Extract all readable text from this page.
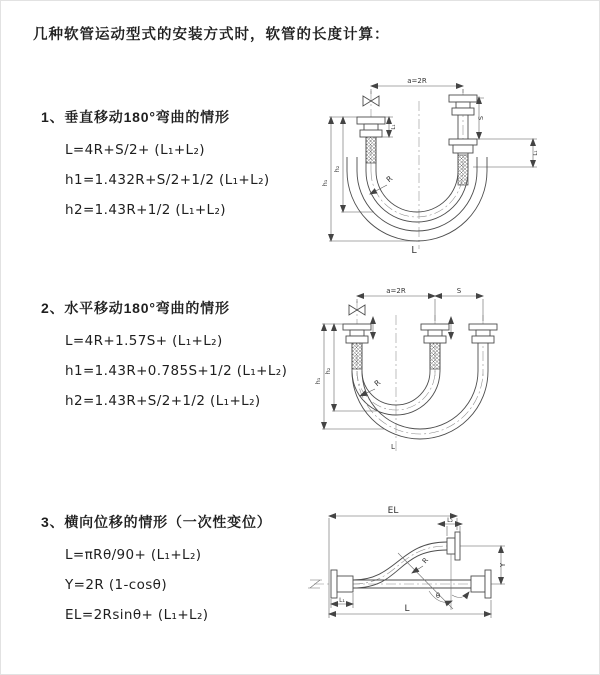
几种软管运动型式的安装方式时，软管的长度计算：
1、垂直移动180°弯曲的情形
L=4R+S/2+ (L₁+L₂)
h1=1.432R+S/2+1/2 (L₁+L₂)
h2=1.43R+1/2 (L₁+L₂)
2、水平移动180°弯曲的情形
L=4R+1.57S+ (L₁+L₂)
h1=1.43R+0.785S+1/2 (L₁+L₂)
h2=1.43R+S/2+1/2 (L₁+L₂)
3、横向位移的情形（一次性变位）
L=πRθ/90+ (L₁+L₂)
Y=2R (1-cosθ)
EL=2Rsinθ+ (L₁+L₂)
a=2R
h₁
h₂
L₁
S
L₁
R
L
a=2R	S
h₁
h₂
R
L
EL
L₂
Y
R
θ
L
L₁
